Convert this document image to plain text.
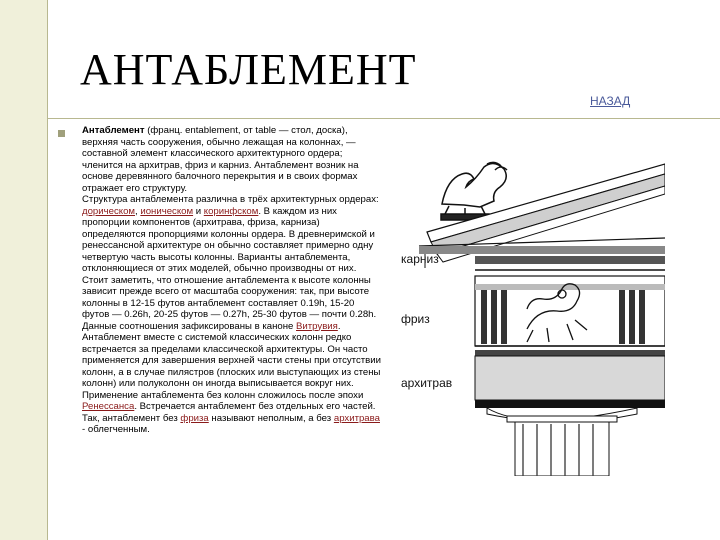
АНТАБЛЕМЕНТ
НАЗАД

Антаблемент (франц. entablement, от table — стол, доска), верхняя часть сооружения, обычно лежащая на колоннах, — составной элемент классического архитектурного ордера; членится на архитрав, фриз и карниз. Антаблемент возник на основе деревянного балочного перекрытия и в своих формах отражает его структуру.
Структура антаблемента различна в трёх архитектурных ордерах: дорическом, ионическом и коринфском. В каждом из них пропорции компонентов (архитрава, фриза, карниза) определяются пропорциями колонны ордера. В древнеримской и ренессансной архитектуре он обычно составляет примерно одну четвертую часть высоты колонны. Варианты антаблемента, отклоняющиеся от этих моделей, обычно производны от них. Стоит заметить, что отношение антаблемента к высоте колонны зависит прежде всего от масштаба сооружения: так, при высоте колонны в 12-15 футов антаблемент составляет 0.19h, 15-20 футов — 0.26h, 20-25 футов — 0.27h, 25-30 футов — почти 0.28h. Данные соотношения зафиксированы в каноне Витрувия. Антаблемент вместе с системой классических колонн редко встречается за пределами классической архитектуры. Он часто применяется для завершения верхней части стены при отсутствии колонн, а в случае пилястров (плоских или выступающих из стены колонн) или полуколонн он иногда выписывается вокруг них. Применение антаблемента без колонн сложилось после эпохи Ренессанса. Встречается антаблемент без отдельных его частей. Так, антаблемент без фриза называют неполным, а без архитрава - облегченным.

карниз
фриз
архитрав
